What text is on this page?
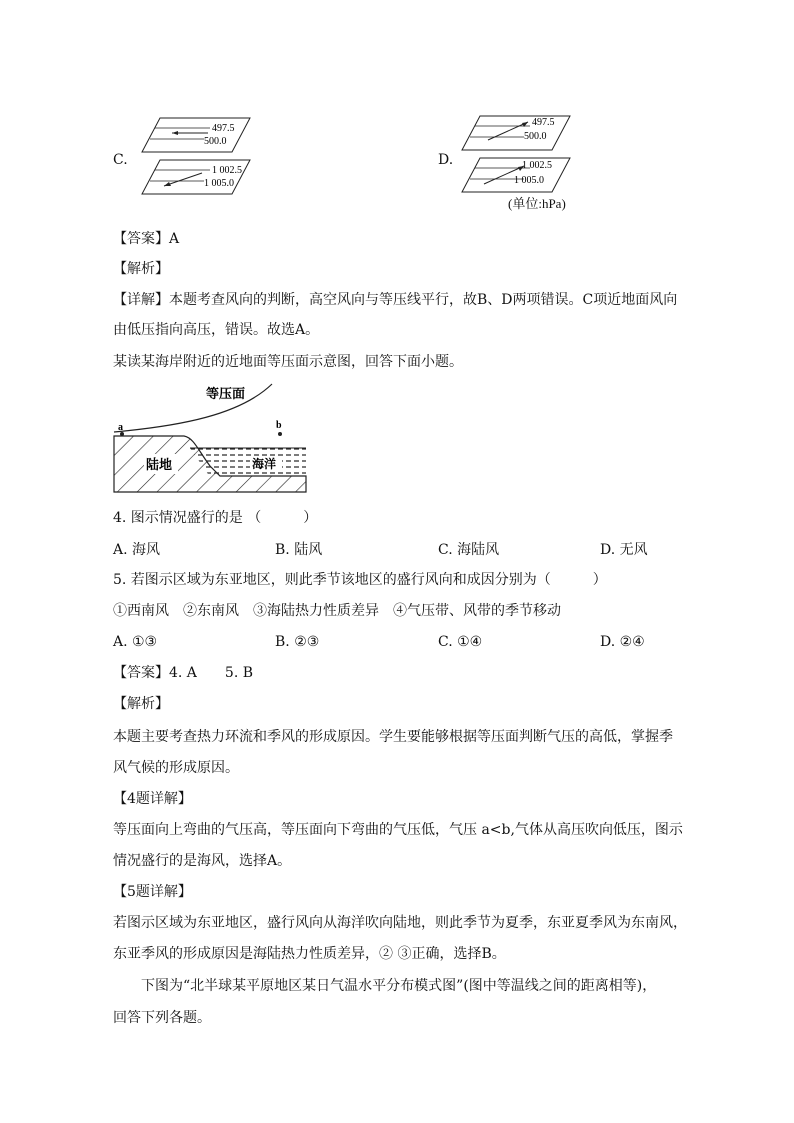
C.
497.5
500.0
1 002.5
1 005.0
D.
497.5
500.0
1 002.5
1 005.0
(单位:hPa)
【答案】A
【解析】
【详解】本题考查风向的判断，高空风向与等压线平行，故B、D两项错误。C项近地面风向
由低压指向高压，错误。故选A。
某读某海岸附近的近地面等压面示意图，回答下面小题。
等压面
a	b
陆地	海洋
4. 图示情况盛行的是 （　　　）
A. 海风	B. 陆风	C. 海陆风	D. 无风
5. 若图示区域为东亚地区，则此季节该地区的盛行风向和成因分别为（　　　）
①西南风　②东南风　③海陆热力性质差异　④气压带、风带的季节移动
A. ①③	B. ②③	C. ①④	D. ②④
【答案】4. A　　5. B
【解析】
本题主要考查热力环流和季风的形成原因。学生要能够根据等压面判断气压的高低，掌握季
风气候的形成原因。
【4题详解】
等压面向上弯曲的气压高，等压面向下弯曲的气压低，气压 a<b,气体从高压吹向低压，图示
情况盛行的是海风，选择A。
【5题详解】
若图示区域为东亚地区，盛行风向从海洋吹向陆地，则此季节为夏季，东亚夏季风为东南风，
东亚季风的形成原因是海陆热力性质差异，② ③正确，选择B。
下图为“北半球某平原地区某日气温水平分布模式图”(图中等温线之间的距离相等)，
回答下列各题。
